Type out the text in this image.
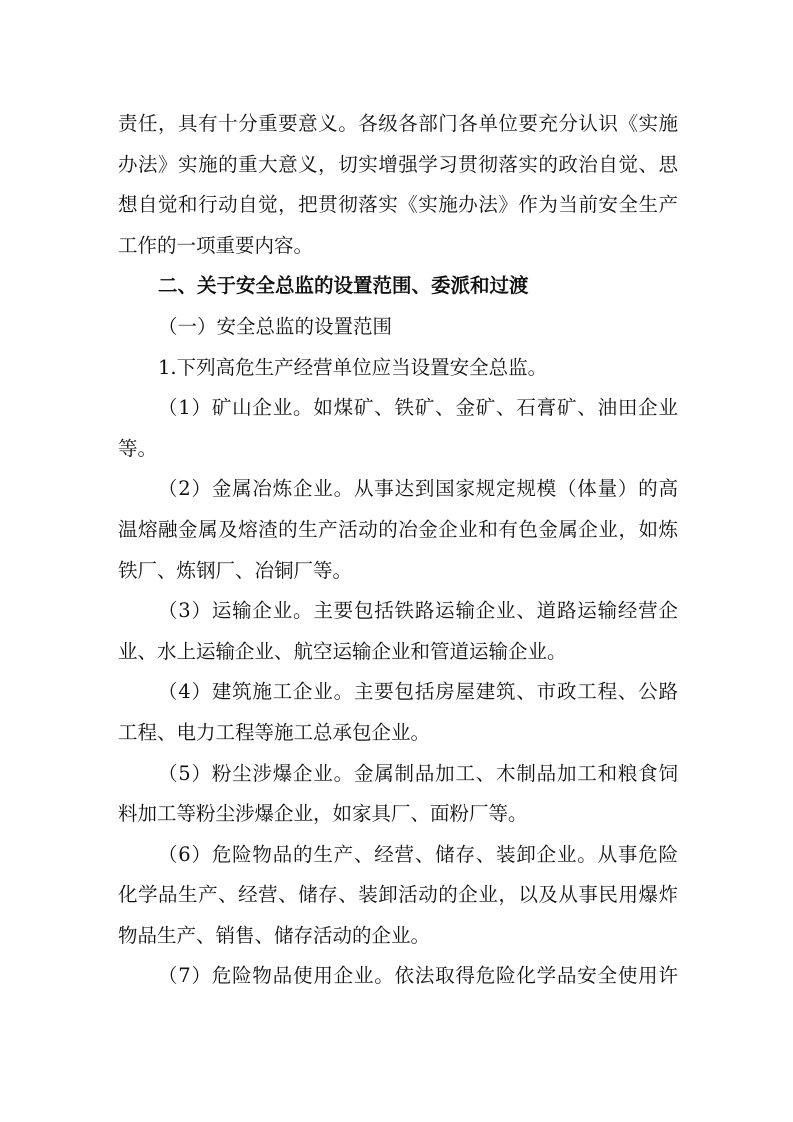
责任，具有十分重要意义。各级各部门各单位要充分认识《实施
办法》实施的重大意义，切实增强学习贯彻落实的政治自觉、思
想自觉和行动自觉，把贯彻落实《实施办法》作为当前安全生产
工作的一项重要内容。
二、关于安全总监的设置范围、委派和过渡
（一）安全总监的设置范围
1.下列高危生产经营单位应当设置安全总监。
（1）矿山企业。如煤矿、铁矿、金矿、石膏矿、油田企业
等。
（2）金属冶炼企业。从事达到国家规定规模（体量）的高
温熔融金属及熔渣的生产活动的冶金企业和有色金属企业，如炼
铁厂、炼钢厂、冶铜厂等。
（3）运输企业。主要包括铁路运输企业、道路运输经营企
业、水上运输企业、航空运输企业和管道运输企业。
（4）建筑施工企业。主要包括房屋建筑、市政工程、公路
工程、电力工程等施工总承包企业。
（5）粉尘涉爆企业。金属制品加工、木制品加工和粮食饲
料加工等粉尘涉爆企业，如家具厂、面粉厂等。
（6）危险物品的生产、经营、储存、装卸企业。从事危险
化学品生产、经营、储存、装卸活动的企业，以及从事民用爆炸
物品生产、销售、储存活动的企业。
（7）危险物品使用企业。依法取得危险化学品安全使用许
